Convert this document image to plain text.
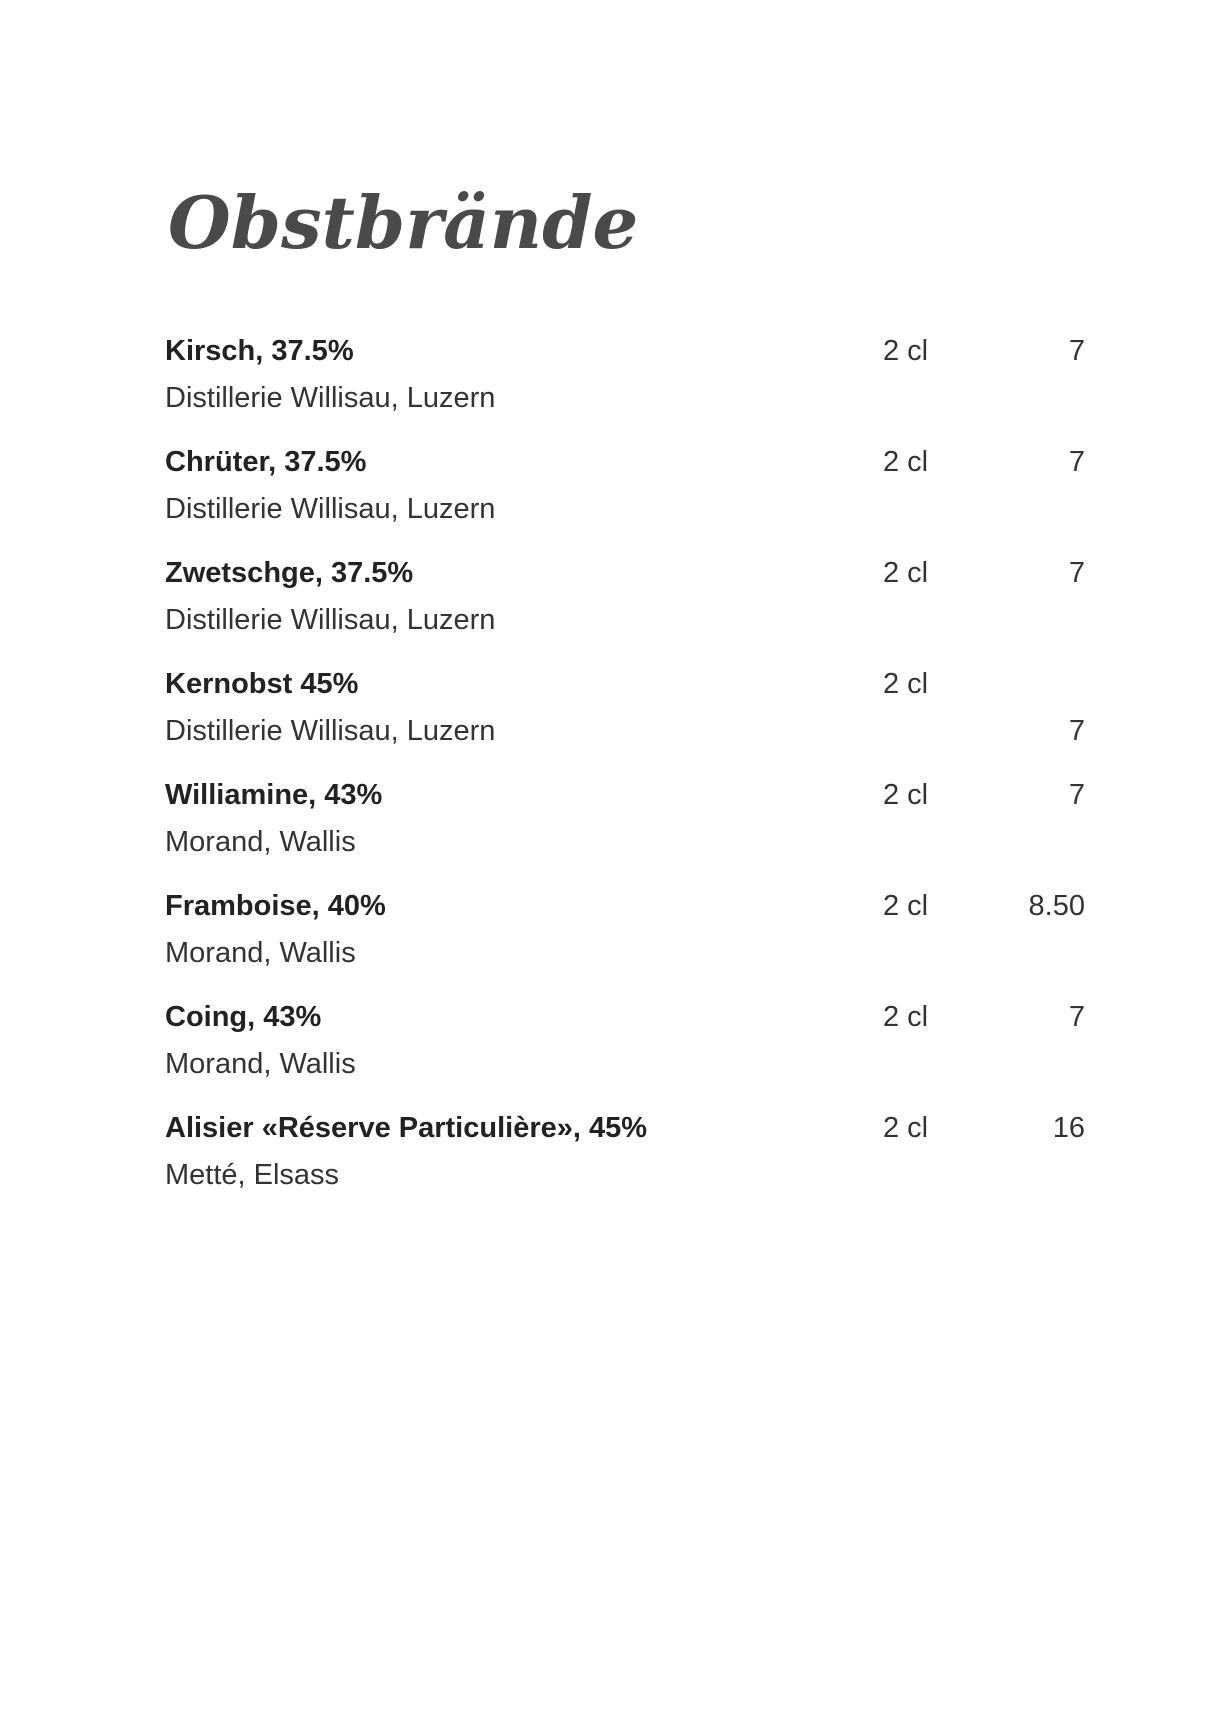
Obstbrände
Kirsch, 37.5%	2 cl	7
Distillerie Willisau, Luzern
Chrüter, 37.5%	2 cl	7
Distillerie Willisau, Luzern
Zwetschge, 37.5%	2 cl	7
Distillerie Willisau, Luzern
Kernobst 45%	2 cl
Distillerie Willisau, Luzern	7
Williamine, 43%	2 cl	7
Morand, Wallis
Framboise, 40%	2 cl	8.50
Morand, Wallis
Coing, 43%	2 cl	7
Morand, Wallis
Alisier «Réserve Particulière», 45%	2 cl	16
Metté, Elsass
